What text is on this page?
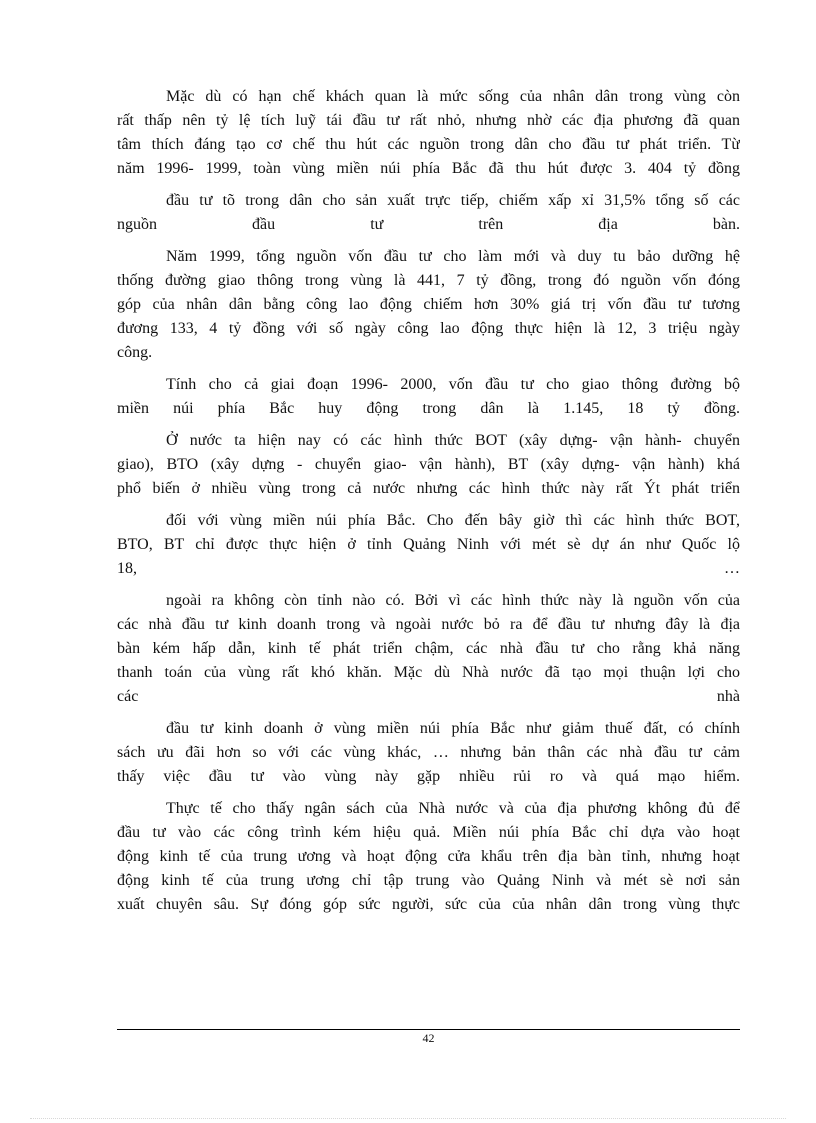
Mặc dù có hạn chế khách quan là mức sống của nhân dân trong vùng còn
rất thấp nên tỷ lệ tích luỹ tái đầu tư rất nhỏ, nhưng nhờ các địa phương đã quan
tâm thích đáng tạo cơ chế thu hút các nguồn trong dân cho đầu tư phát triển. Từ
năm 1996- 1999, toàn vùng miền núi phía Bắc đã thu hút được 3. 404 tỷ đồng
đầu tư tõ trong dân cho sản xuất trực tiếp, chiếm xấp xỉ 31,5% tổng số các
nguồn đầu tư trên địa bàn.
Năm 1999, tổng nguồn vốn đầu tư cho làm mới và duy tu bảo dưỡng hệ
thống đường giao thông trong vùng là 441, 7 tỷ đồng, trong đó nguồn vốn đóng
góp của nhân dân bằng công lao động chiếm hơn 30% giá trị vốn đầu tư tương
đương 133, 4 tỷ đồng với số ngày công lao động thực hiện là 12, 3 triệu ngày
công.
Tính cho cả giai đoạn 1996- 2000, vốn đầu tư cho giao thông đường bộ
miền núi phía Bắc huy động trong dân là 1.145, 18 tỷ đồng.
Ở nước ta hiện nay có các hình thức BOT (xây dựng- vận hành- chuyển
giao), BTO (xây dựng - chuyển giao- vận hành), BT (xây dựng- vận hành) khá
phổ biến ở nhiều vùng trong cả nước nhưng các hình thức này rất Ýt phát triển
đối với vùng miền núi phía Bắc. Cho đến bây giờ thì các hình thức BOT,
BTO, BT chỉ được thực hiện ở tỉnh Quảng Ninh với mét sè dự án như Quốc lộ
18, …
ngoài ra không còn tỉnh nào có. Bởi vì các hình thức này là nguồn vốn của
các nhà đầu tư kinh doanh trong và ngoài nước bỏ ra để đầu tư nhưng đây là địa
bàn kém hấp dẫn, kinh tế phát triển chậm, các nhà đầu tư cho rằng khả năng
thanh toán của vùng rất khó khăn. Mặc dù Nhà nước đã tạo mọi thuận lợi cho
các nhà
đầu tư kinh doanh ở vùng miền núi phía Bắc như giảm thuế đất, có chính
sách ưu đãi hơn so với các vùng khác, … nhưng bản thân các nhà đầu tư cảm
thấy việc đầu tư vào vùng này gặp nhiều rủi ro và quá mạo hiểm.
Thực tế cho thấy ngân sách của Nhà nước và của địa phương không đủ để
đầu tư vào các công trình kém hiệu quả. Miền núi phía Bắc chỉ dựa vào hoạt
động kinh tế của trung ương và hoạt động cửa khẩu trên địa bàn tỉnh, nhưng hoạt
động kinh tế của trung ương chỉ tập trung vào Quảng Ninh và mét sè nơi sản
xuất chuyên sâu. Sự đóng góp sức người, sức của của nhân dân trong vùng thực
42
